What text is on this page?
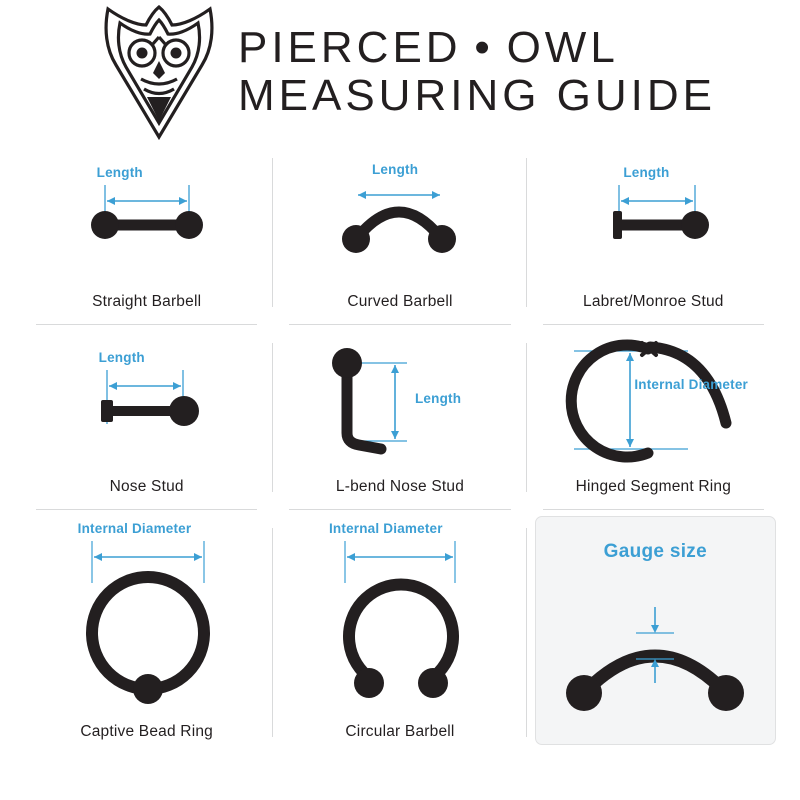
PIERCED • OWL
MEASURING GUIDE
Length
Straight Barbell
Length
Curved Barbell
Length
Labret/Monroe Stud
Length
Nose Stud
Length
L-bend Nose Stud
Internal Diameter
Hinged Segment Ring
Internal Diameter
Captive Bead Ring
Internal Diameter
Circular Barbell
Gauge size
